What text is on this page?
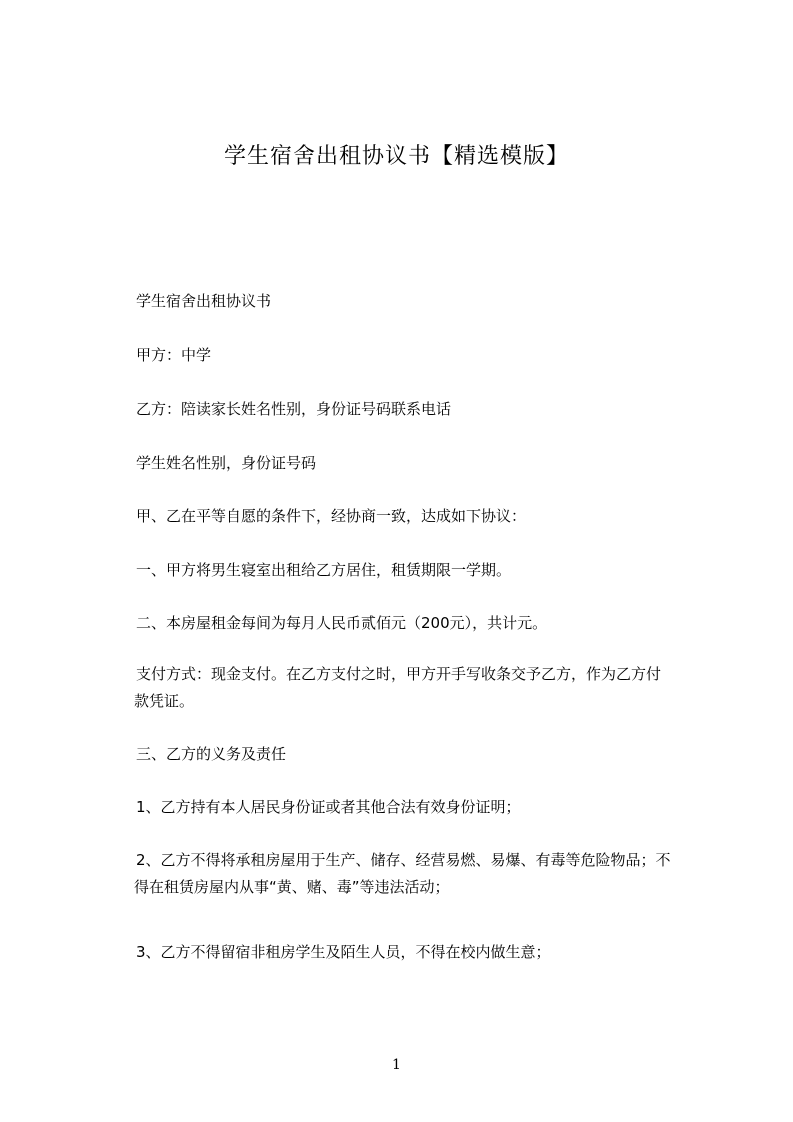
学生宿舍出租协议书【精选模版】
学生宿舍出租协议书
甲方：中学
乙方：陪读家长姓名性别，身份证号码联系电话
学生姓名性别，身份证号码
甲、乙在平等自愿的条件下，经协商一致，达成如下协议：
一、甲方将男生寝室出租给乙方居住，租赁期限一学期。
二、本房屋租金每间为每月人民币贰佰元（200元），共计元。
支付方式：现金支付。在乙方支付之时，甲方开手写收条交予乙方，作为乙方付
款凭证。
三、乙方的义务及责任
1、乙方持有本人居民身份证或者其他合法有效身份证明；
2、乙方不得将承租房屋用于生产、储存、经营易燃、易爆、有毒等危险物品；不
得在租赁房屋内从事“黄、赌、毒”等违法活动；
3、乙方不得留宿非租房学生及陌生人员，不得在校内做生意；
1
